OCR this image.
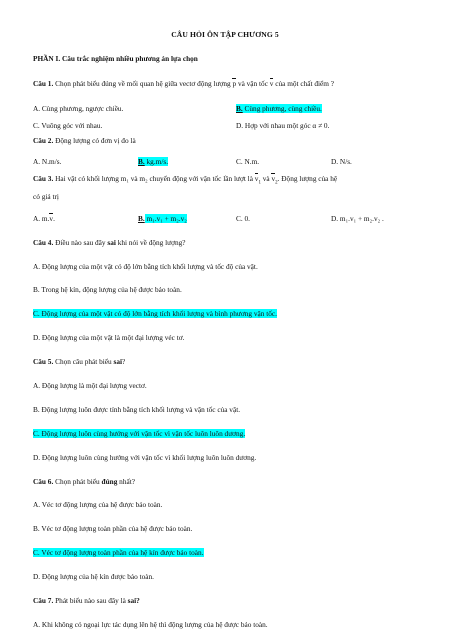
CÂU HỎI ÔN TẬP CHƯƠNG 5
PHẦN I. Câu trắc nghiệm nhiều phương án lựa chọn
Câu 1. Chọn phát biểu đúng về mối quan hệ giữa vectơ động lượng p và vận tốc v của một chất điểm ?
A. Cùng phương, ngược chiều.	B. Cùng phương, cùng chiều.
C. Vuông góc với nhau.	D. Hợp với nhau một góc α ≠ 0.
Câu 2. Động lượng có đơn vị đo là
A. N.m/s.	B. kg.m/s.	C. N.m.	D. N/s.
Câu 3. Hai vật có khối lượng m₁ và m₂ chuyển động với vận tốc lần lượt là $v_1$ và $v_2$. Động lượng của hệ
có giá trị
A. m.v.	B. m₁.v₁ + m₂.v₂	C. 0.	D. m₁.v₁ + m₂.v₂ .
Câu 4. Điều nào sau đây sai khi nói về động lượng?
A. Động lượng của một vật có độ lớn bằng tích khối lượng và tốc độ của vật.
B. Trong hệ kín, động lượng của hệ được bảo toàn.
C. Động lượng của một vật có độ lớn bằng tích khối lượng và bình phương vận tốc.
D. Động lượng của một vật là một đại lượng véc tơ.
Câu 5. Chọn câu phát biểu sai?
A. Động lượng là một đại lượng vectơ.
B. Động lượng luôn được tính bằng tích khối lượng và vận tốc của vật.
C. Động lượng luôn cùng hướng với vận tốc vì vận tốc luôn luôn dương.
D. Động lượng luôn cùng hướng với vận tốc vì khối lượng luôn luôn dương.
Câu 6. Chọn phát biểu đúng nhất?
A. Véc tơ động lượng của hệ được bảo toàn.
B. Véc tơ động lượng toàn phần của hệ được bảo toàn.
C. Véc tơ động lượng toàn phần của hệ kín được bảo toàn.
D. Động lượng của hệ kín được bảo toàn.
Câu 7. Phát biểu nào sau đây là sai?
A. Khi không có ngoại lực tác dụng lên hệ thì động lượng của hệ được bảo toàn.
